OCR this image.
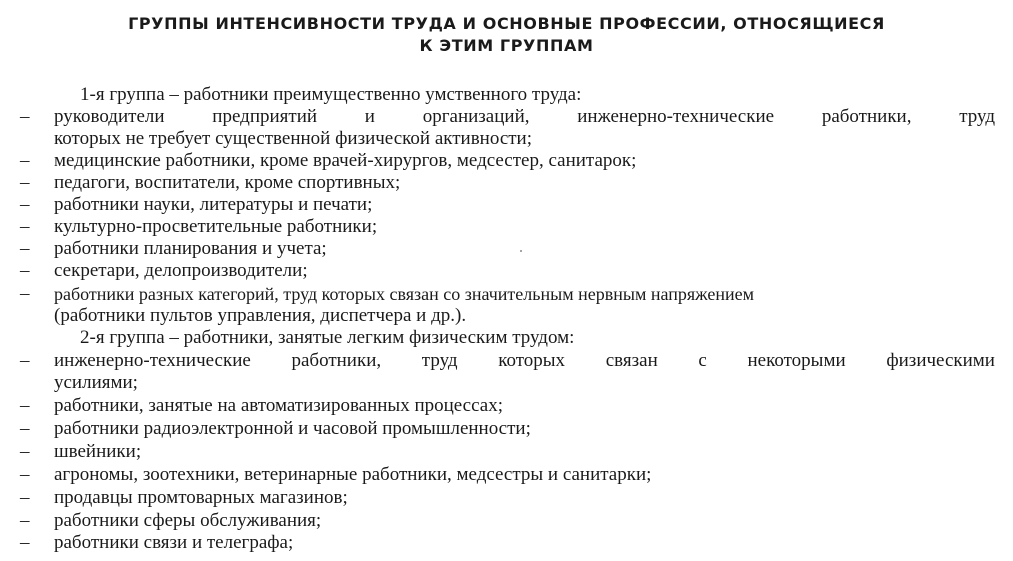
ГРУППЫ ИНТЕНСИВНОСТИ ТРУДА И ОСНОВНЫЕ ПРОФЕССИИ, ОТНОСЯЩИЕСЯ
К ЭТИМ ГРУППАМ
1-я группа – работники преимущественно умственного труда:
– руководители	предприятий	и	организаций,	инженерно-технические	работники,	труд
которых не требует существенной физической активности;
– медицинские работники, кроме врачей-хирургов, медсестер, санитарок;
– педагоги, воспитатели, кроме спортивных;
– работники науки, литературы и печати;
– культурно-просветительные работники;
– работники планирования и учета;
– секретари, делопроизводители;
– работники разных категорий, труд которых связан со значительным нервным напряжением
(работники пультов управления, диспетчера и др.).
2-я группа – работники, занятые легким физическим трудом:
– инженерно-технические работники, труд которых связан с некоторыми физическими
усилиями;
– работники, занятые на автоматизированных процессах;
– работники радиоэлектронной и часовой промышленности;
– швейники;
– агрономы, зоотехники, ветеринарные работники, медсестры и санитарки;
– продавцы промтоварных магазинов;
– работники сферы обслуживания;
– работники связи и телеграфа;
